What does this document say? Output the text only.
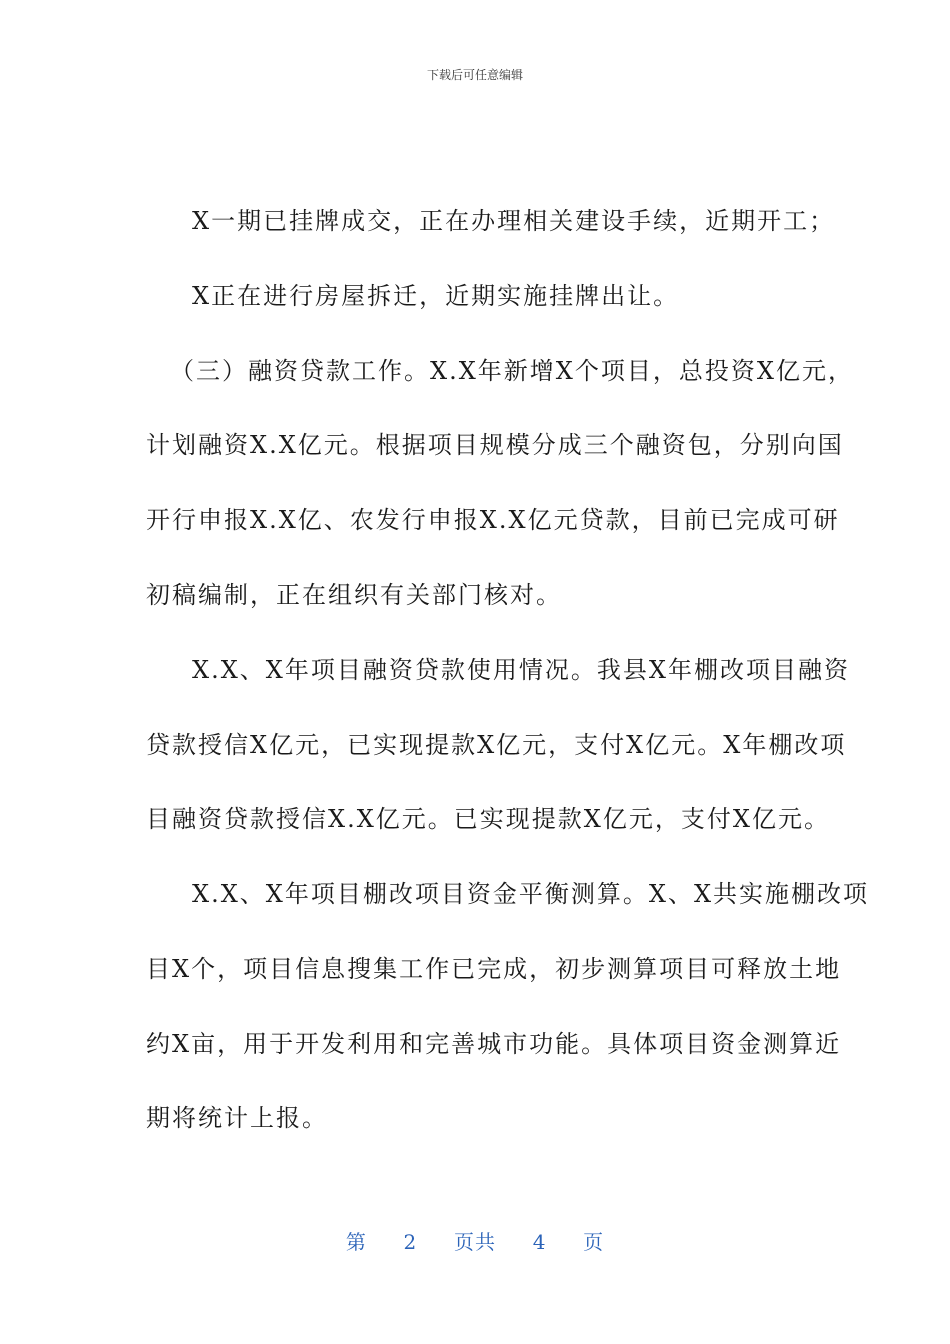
下载后可任意编辑
X一期已挂牌成交，正在办理相关建设手续，近期开工；
X正在进行房屋拆迁，近期实施挂牌出让。
（三）融资贷款工作。X.X年新增X个项目，总投资X亿元，
计划融资X.X亿元。根据项目规模分成三个融资包，分别向国
开行申报X.X亿、农发行申报X.X亿元贷款，目前已完成可研
初稿编制，正在组织有关部门核对。
X.X、X年项目融资贷款使用情况。我县X年棚改项目融资
贷款授信X亿元，已实现提款X亿元，支付X亿元。X年棚改项
目融资贷款授信X.X亿元。已实现提款X亿元，支付X亿元。
X.X、X年项目棚改项目资金平衡测算。X、X共实施棚改项
目X个，项目信息搜集工作已完成，初步测算项目可释放土地
约X亩，用于开发利用和完善城市功能。具体项目资金测算近
期将统计上报。
第 2 页共 4 页
